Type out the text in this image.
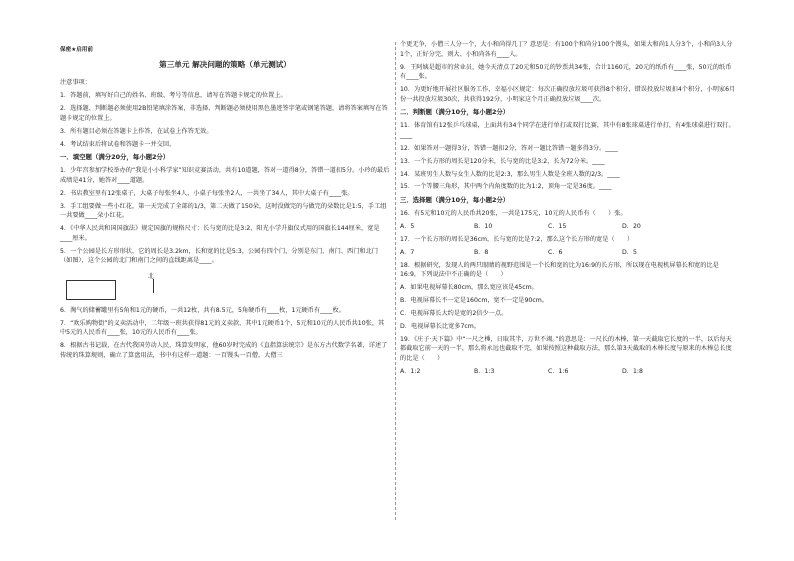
保密★启用前
第三单元 解决问题的策略（单元测试）

注意事项：

1．答题前，填写好自己的姓名、班级、考号等信息，请写在答题卡规定的位置上。

2．选择题、判断题必须使用2B铅笔填涂答案，非选择、判断题必须使用黑色墨迹签字笔或钢笔答题，请将答案填写在答题卡规定的位置上。

3．所有题目必须在答题卡上作答，在试卷上作答无效。

4．考试结束后将试卷和答题卡一并交回。

一．填空题（满分20分，每小题2分）

1．少年宫参加学校举办的“我是小小科学家”知识竞赛活动，共有10道题，答对一道得8分，答错一道扣5分。小玲的最后成绩是41分，她答对____道题。

2．书店教室里有12张桌子，大桌子每张坐4人，小桌子每张坐2人，一共坐了34人，其中大桌子有____张。

3．手工组要做一些小红花，第一天完成了全部的1/3，第二天做了150朵，这时没做完的与做完的朵数比是1:5，手工组一共要做____朵小红花。

4．《中华人民共和国国旗法》规定国旗的规格尺寸：长与宽的比是3:2，阳光小学升旗仪式用的国旗长144厘米，宽是____厘米。

5．一个公园是长方形形状，它的周长是3.2km，长和宽的比是5:3，公园有四个门，分别是东门、南门、西门和北门（如图），这个公园的北门和南门之间的直线距离是____。

北

6．淘气的储蓄罐里有5角和1元的硬币，一共12枚，共有8.5元，5角硬币有____枚，1元硬币有____枚。

7．“欢乐购物街”的义卖活动中，二年级一班共获得81元的义卖款，其中1元硬币1个，5元和10元的人民币共10张，其中5元的人民币有____张，10元的人民币有____张。

8．根据古书记载，在古代我国劳动人民，珠算发明家，他60岁时完成的《直指算法统宗》是东方古代数学名著，详述了传统的珠算规则，确立了算盘用法，书中有这样一道题：一百馒头一百僧，大僧三

个更无争，小僧三人分一个，大小和尚得几丁？意思是：有100个和尚分100个馒头，如果大和尚1人分3个，小和尚3人分1个，正好分完，则大、小和尚各有____人。

9．王阿姨是超市的营业员，她今天清点了20元和50元的钞票共34张，合计1160元，20元的纸币有____张，50元的纸币有____张。

10．为更好地开展社区服务工作，幸福小区规定：每次正确投放垃圾可获得8个积分，错误投放垃圾扣4个积分，小明家6月份一共投放垃圾30次，共获得192分，小明家这个月正确投放垃圾____次。

二．判断题（满分10分，每小题2分）

11．体育馆有12张乒乓球桌，上面共有34个同学在进行单打或双打比赛，其中有8张球桌进行单打，有4张球桌进行双打。____

12．如果答对一题得3分，答错一题扣2分，答对一题比答错一题多得3分。____

13．一个长方形的周长是120分米，长与宽的比是3:2，长为72分米。____

14．某班男生人数与女生人数的比是2:3，那么男生人数是全班人数的2/3。____

15．一个等腰三角形，其中两个内角度数的比为1:2，顶角一定是36度。____

三．选择题（满分10分，每小题2分）

16．有5元和10元的人民币共20张，一共是175元，10元的人民币有（　　）张。

A．5	B．10	C．15	D．20

17．一个长方形的周长是36cm，长与宽的比是7:2，那么这个长方形的宽是（　　）

A．7	B．8	C．6	D．5

18．根据研究，发现人的两只眼睛的视野范围是一个长和宽的比为16:9的长方形，所以现在电视机屏幕长和宽的比是16:9，下列说法中不正确的是（　　）

A．如果电视屏幕长80cm，那么宽应该是45cm。

B．电视屏幕长不一定是160cm，宽不一定是90cm。

C．电视屏幕长大约是宽的2倍少一点。

D．电视屏幕长比宽多7cm。

19．《庄子·天下篇》中“一尺之棰，日取其半，万世不竭。”的意思是：一尺长的木棒，第一天截取它长度的一半，以后每天都截取它前一天的一半，那么将永远也截取不完，如果按照这种截取方法，那么第3天截取的木棒长度与原来的木棒总长度的比是（　　）

A．1:2	B．1:3	C．1:6	D．1:8
